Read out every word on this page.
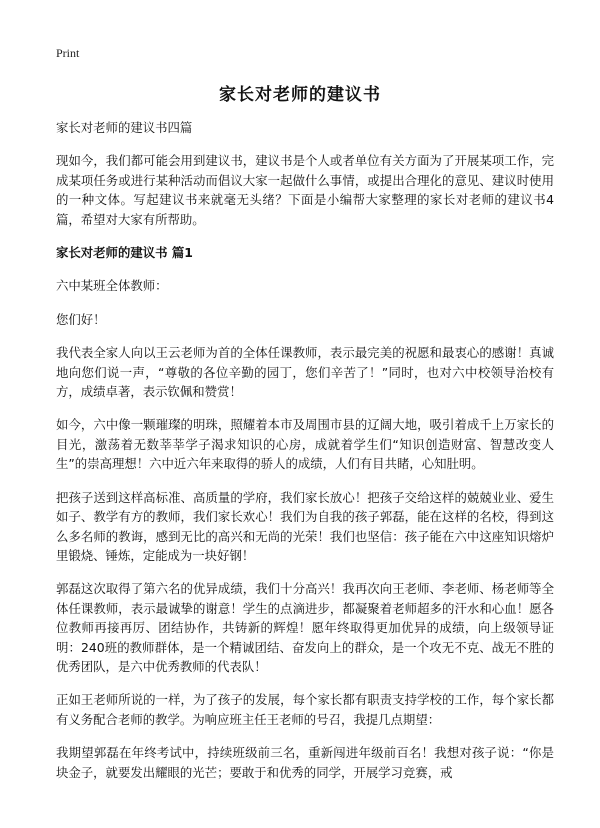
Print
家长对老师的建议书

家长对老师的建议书四篇

现如今，我们都可能会用到建议书，建议书是个人或者单位有关方面为了开展某项工作，完成某项任务或进行某种活动而倡议大家一起做什么事情，或提出合理化的意见、建议时使用的一种文体。写起建议书来就毫无头绪？下面是小编帮大家整理的家长对老师的建议书4篇，希望对大家有所帮助。

家长对老师的建议书 篇1

六中某班全体教师：

您们好！

我代表全家人向以王云老师为首的全体任课教师，表示最完美的祝愿和最衷心的感谢！真诚地向您们说一声，“尊敬的各位辛勤的园丁，您们辛苦了！”同时，也对六中校领导治校有方，成绩卓著，表示钦佩和赞赏！

如今，六中像一颗璀璨的明珠，照耀着本市及周围市县的辽阔大地，吸引着成千上万家长的目光，激荡着无数莘莘学子渴求知识的心房，成就着学生们“知识创造财富、智慧改变人生”的崇高理想！六中近六年来取得的骄人的成绩，人们有目共睹，心知肚明。

把孩子送到这样高标准、高质量的学府，我们家长放心！把孩子交给这样的兢兢业业、爱生如子、教学有方的教师，我们家长欢心！我们为自我的孩子郭磊，能在这样的名校，得到这么多名师的教诲，感到无比的高兴和无尚的光荣！我们也坚信：孩子能在六中这座知识熔炉里锻烧、锤炼，定能成为一块好钢！

郭磊这次取得了第六名的优异成绩，我们十分高兴！我再次向王老师、李老师、杨老师等全体任课教师，表示最诚挚的谢意！学生的点滴进步，都凝聚着老师超多的汗水和心血！愿各位教师再接再厉、团结协作，共铸新的辉煌！愿年终取得更加优异的成绩，向上级领导证明：240班的教师群体，是一个精诚团结、奋发向上的群众，是一个攻无不克、战无不胜的优秀团队，是六中优秀教师的代表队！

正如王老师所说的一样，为了孩子的发展，每个家长都有职责支持学校的工作，每个家长都有义务配合老师的教学。为响应班主任王老师的号召，我提几点期望：

我期望郭磊在年终考试中，持续班级前三名，重新闯进年级前百名！我想对孩子说：“你是块金子，就要发出耀眼的光芒；要敢于和优秀的同学，开展学习竞赛，戒
